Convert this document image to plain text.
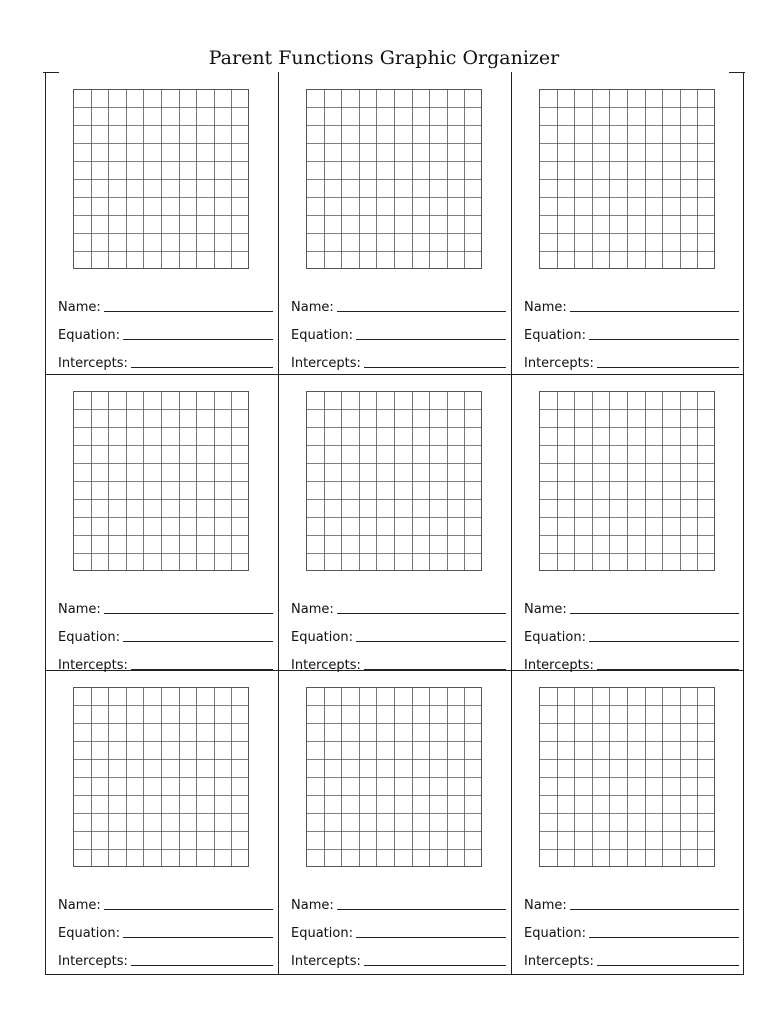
Parent Functions Graphic Organizer
Name:
Equation:
Intercepts:
Name:
Equation:
Intercepts:
Name:
Equation:
Intercepts:
Name:
Equation:
Intercepts:
Name:
Equation:
Intercepts:
Name:
Equation:
Intercepts:
Name:
Equation:
Intercepts:
Name:
Equation:
Intercepts:
Name:
Equation:
Intercepts:
